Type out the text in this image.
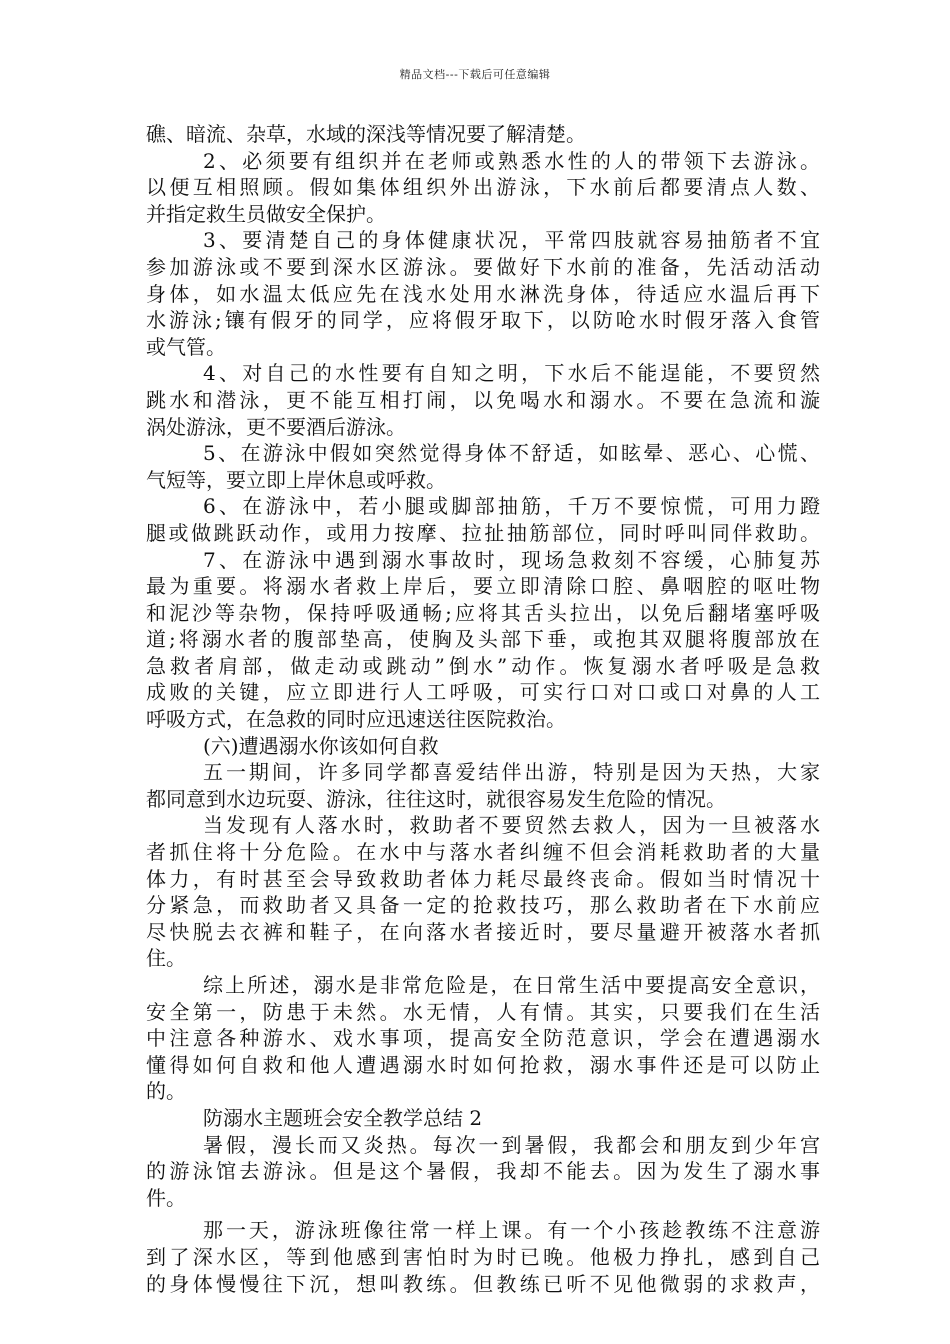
精品文档---下载后可任意编辑
礁、暗流、杂草，水域的深浅等情况要了解清楚。
2、必须要有组织并在老师或熟悉水性的人的带领下去游泳。
以便互相照顾。假如集体组织外出游泳，下水前后都要清点人数、
并指定救生员做安全保护。
3、要清楚自己的身体健康状况，平常四肢就容易抽筋者不宜
参加游泳或不要到深水区游泳。要做好下水前的准备，先活动活动
身体，如水温太低应先在浅水处用水淋洗身体，待适应水温后再下
水游泳;镶有假牙的同学，应将假牙取下，以防呛水时假牙落入食管
或气管。
4、对自己的水性要有自知之明，下水后不能逞能，不要贸然
跳水和潜泳，更不能互相打闹，以免喝水和溺水。不要在急流和漩
涡处游泳，更不要酒后游泳。
5、在游泳中假如突然觉得身体不舒适，如眩晕、恶心、心慌、
气短等，要立即上岸休息或呼救。
6、在游泳中，若小腿或脚部抽筋，千万不要惊慌，可用力蹬
腿或做跳跃动作，或用力按摩、拉扯抽筋部位，同时呼叫同伴救助。
7、在游泳中遇到溺水事故时，现场急救刻不容缓，心肺复苏
最为重要。将溺水者救上岸后，要立即清除口腔、鼻咽腔的呕吐物
和泥沙等杂物，保持呼吸通畅;应将其舌头拉出，以免后翻堵塞呼吸
道;将溺水者的腹部垫高，使胸及头部下垂，或抱其双腿将腹部放在
急救者肩部，做走动或跳动”倒水”动作。恢复溺水者呼吸是急救
成败的关键，应立即进行人工呼吸，可实行口对口或口对鼻的人工
呼吸方式，在急救的同时应迅速送往医院救治。
(六)遭遇溺水你该如何自救
五一期间，许多同学都喜爱结伴出游，特别是因为天热，大家
都同意到水边玩耍、游泳，往往这时，就很容易发生危险的情况。
当发现有人落水时，救助者不要贸然去救人，因为一旦被落水
者抓住将十分危险。在水中与落水者纠缠不但会消耗救助者的大量
体力，有时甚至会导致救助者体力耗尽最终丧命。假如当时情况十
分紧急，而救助者又具备一定的抢救技巧，那么救助者在下水前应
尽快脱去衣裤和鞋子，在向落水者接近时，要尽量避开被落水者抓
住。
综上所述，溺水是非常危险是，在日常生活中要提高安全意识，
安全第一，防患于未然。水无情，人有情。其实，只要我们在生活
中注意各种游水、戏水事项，提高安全防范意识，学会在遭遇溺水
懂得如何自救和他人遭遇溺水时如何抢救，溺水事件还是可以防止
的。
防溺水主题班会安全教学总结 2
暑假，漫长而又炎热。每次一到暑假，我都会和朋友到少年宫
的游泳馆去游泳。但是这个暑假，我却不能去。因为发生了溺水事
件。
那一天，游泳班像往常一样上课。有一个小孩趁教练不注意游
到了深水区，等到他感到害怕时为时已晚。他极力挣扎，感到自己
的身体慢慢往下沉，想叫教练。但教练已听不见他微弱的求救声，
